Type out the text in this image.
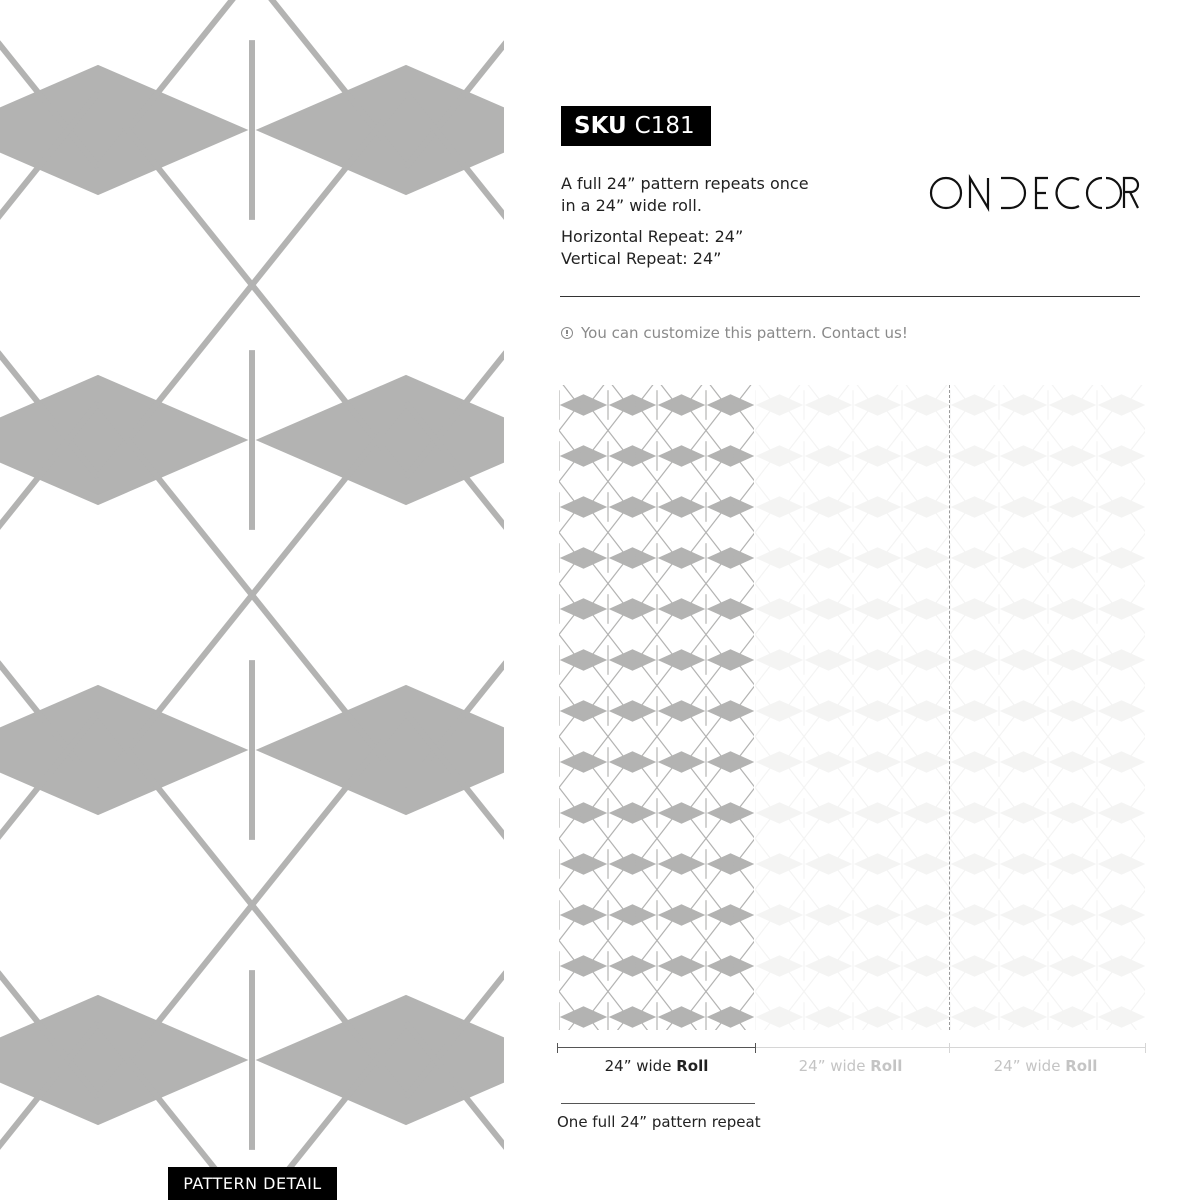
PATTERN DETAIL
SKU C181
A full 24” pattern repeats once
in a 24” wide roll.
Horizontal Repeat: 24”
Vertical Repeat: 24”
You can customize this pattern. Contact us!
24” wide Roll	24” wide Roll	24” wide Roll
One full 24” pattern repeat
